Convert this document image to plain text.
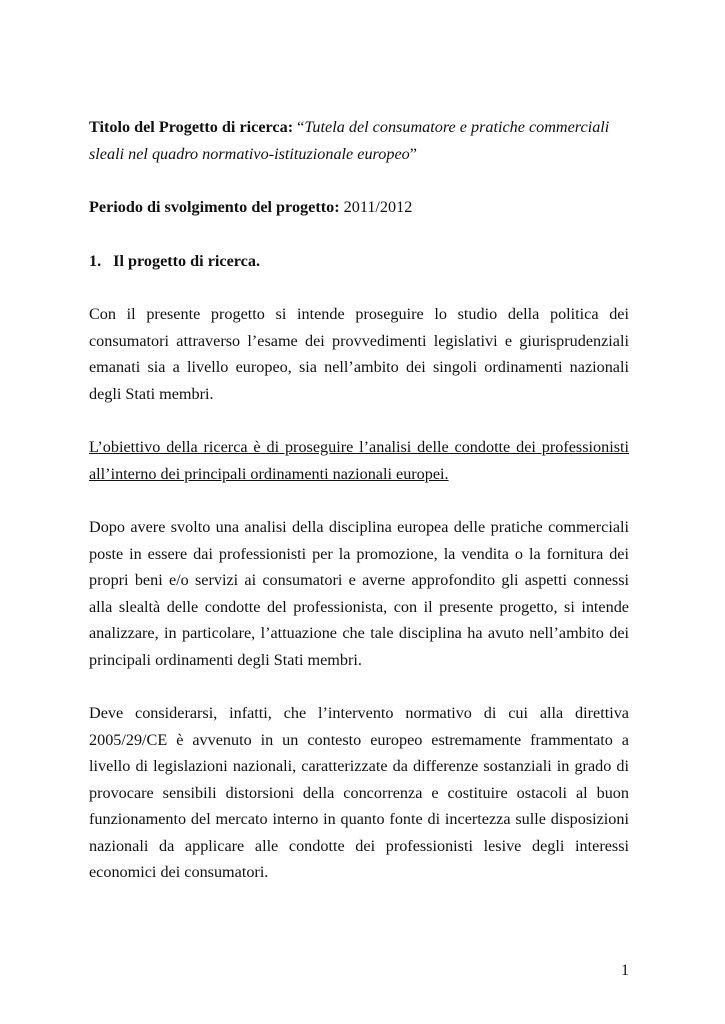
Titolo del Progetto di ricerca: “Tutela del consumatore e pratiche commerciali sleali nel quadro normativo-istituzionale europeo”

Periodo di svolgimento del progetto: 2011/2012

1. Il progetto di ricerca.

Con il presente progetto si intende proseguire lo studio della politica dei consumatori attraverso l’esame dei provvedimenti legislativi e giurisprudenziali emanati sia a livello europeo, sia nell’ambito dei singoli ordinamenti nazionali degli Stati membri.

L’obiettivo della ricerca è di proseguire l’analisi delle condotte dei professionisti all’interno dei principali ordinamenti nazionali europei.

Dopo avere svolto una analisi della disciplina europea delle pratiche commerciali poste in essere dai professionisti per la promozione, la vendita o la fornitura dei propri beni e/o servizi ai consumatori e averne approfondito gli aspetti connessi alla slealtà delle condotte del professionista, con il presente progetto, si intende analizzare, in particolare, l’attuazione che tale disciplina ha avuto nell’ambito dei principali ordinamenti degli Stati membri.

Deve considerarsi, infatti, che l’intervento normativo di cui alla direttiva 2005/29/CE è avvenuto in un contesto europeo estremamente frammentato a livello di legislazioni nazionali, caratterizzate da differenze sostanziali in grado di provocare sensibili distorsioni della concorrenza e costituire ostacoli al buon funzionamento del mercato interno in quanto fonte di incertezza sulle disposizioni nazionali da applicare alle condotte dei professionisti lesive degli interessi economici dei consumatori.

1
